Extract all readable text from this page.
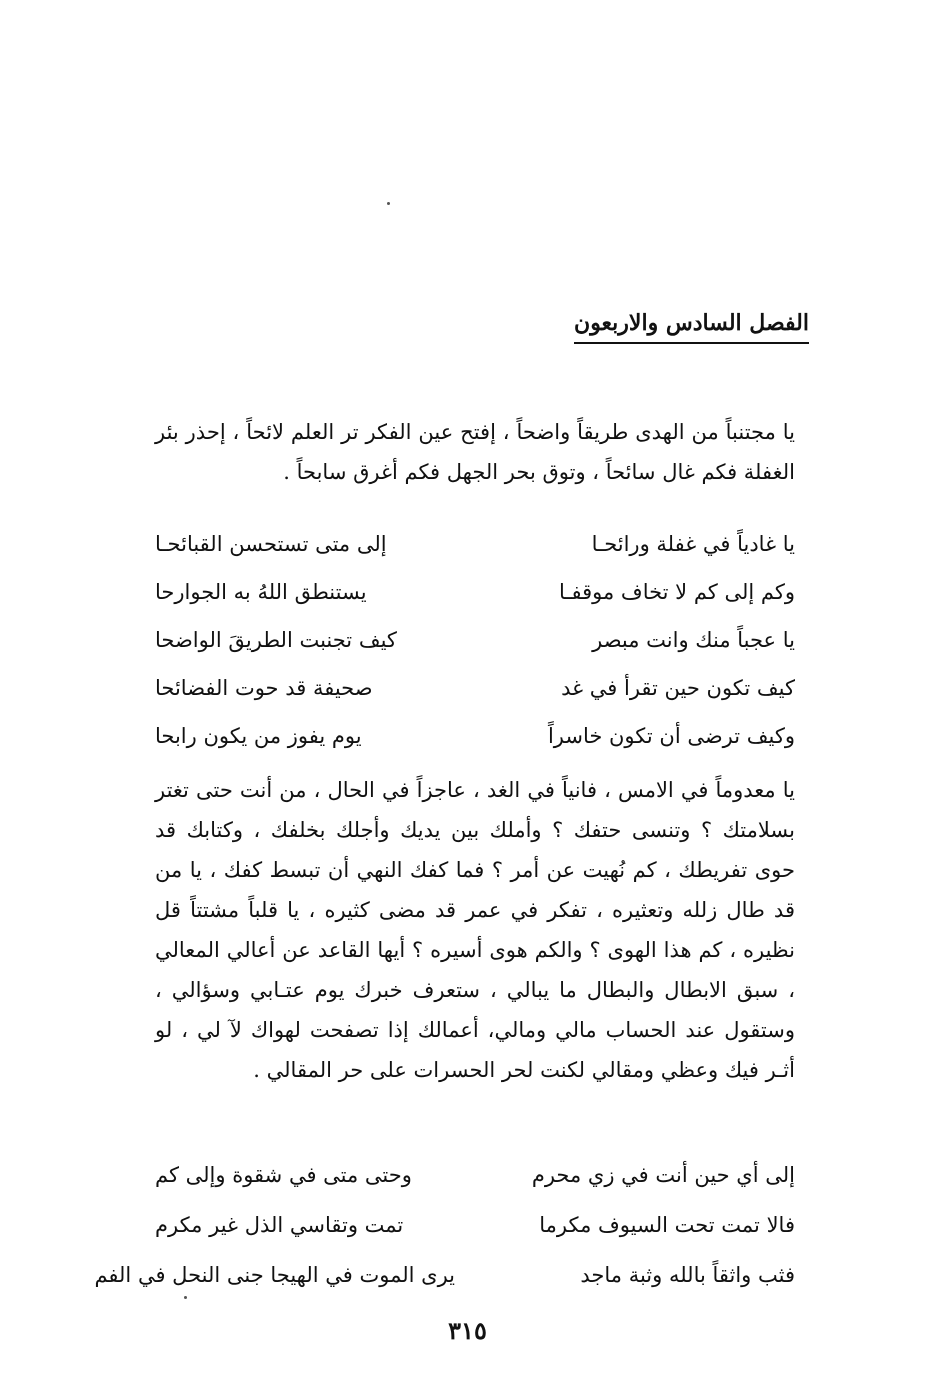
الفصل السادس والاربعون

يا مجتنباً من الهدى طريقاً واضحاً ، إفتح عين الفكر تر العلم لائحاً ، إحذر بئر الغفلة فكم غال سائحاً ، وتوق بحر الجهل فكم أغرق سابحاً .

يا غادياً في غفلة ورائحـا
إلى متى تستحسن القبائحـا
وكم إلى كم لا تخاف موقفـا
يستنطق اللهُ به الجوارحا
يا عجباً منك وانت مبصر
كيف تجنبت الطريقَ الواضحا
كيف تكون حين تقرأ في غد
صحيفة قد حوت الفضائحا
وكيف ترضى أن تكون خاسراً
يوم يفوز من يكون رابحا

يا معدوماً في الامس ، فانياً في الغد ، عاجزاً في الحال ، من أنت حتى تغتر بسلامتك ؟ وتنسى حتفك ؟ وأملك بين يديك وأجلك بخلفك ، وكتابك قد حوى تفريطك ، كم نُهيت عن أمر ؟ فما كفك النهي أن تبسط كفك ، يا من قد طال زلله وتعثيره ، تفكر في عمر قد مضى كثيره ، يا قلباً مشتتاً قل نظيره ، كم هذا الهوى ؟ والكم هوى أسيره ؟ أيها القاعد عن أعالي المعالي ، سبق الابطال والبطال ما يبالي ، ستعرف خبرك يوم عتـابي وسؤالي ، وستقول عند الحساب مالي ومالي، أعمالك إذا تصفحت لهواك لآ لي ، لو أثـر فيك وعظي ومقالي لكنت لحر الحسرات على حر المقالي .

إلى أي حين أنت في زي محرم
وحتى متى في شقوة وإلى كم
فالا تمت تحت السيوف مكرما
تمت وتقاسي الذل غير مكرم
فثب واثقاً بالله وثبة ماجد
يرى الموت في الهيجا جنى النحل في الفم
٣١٥
